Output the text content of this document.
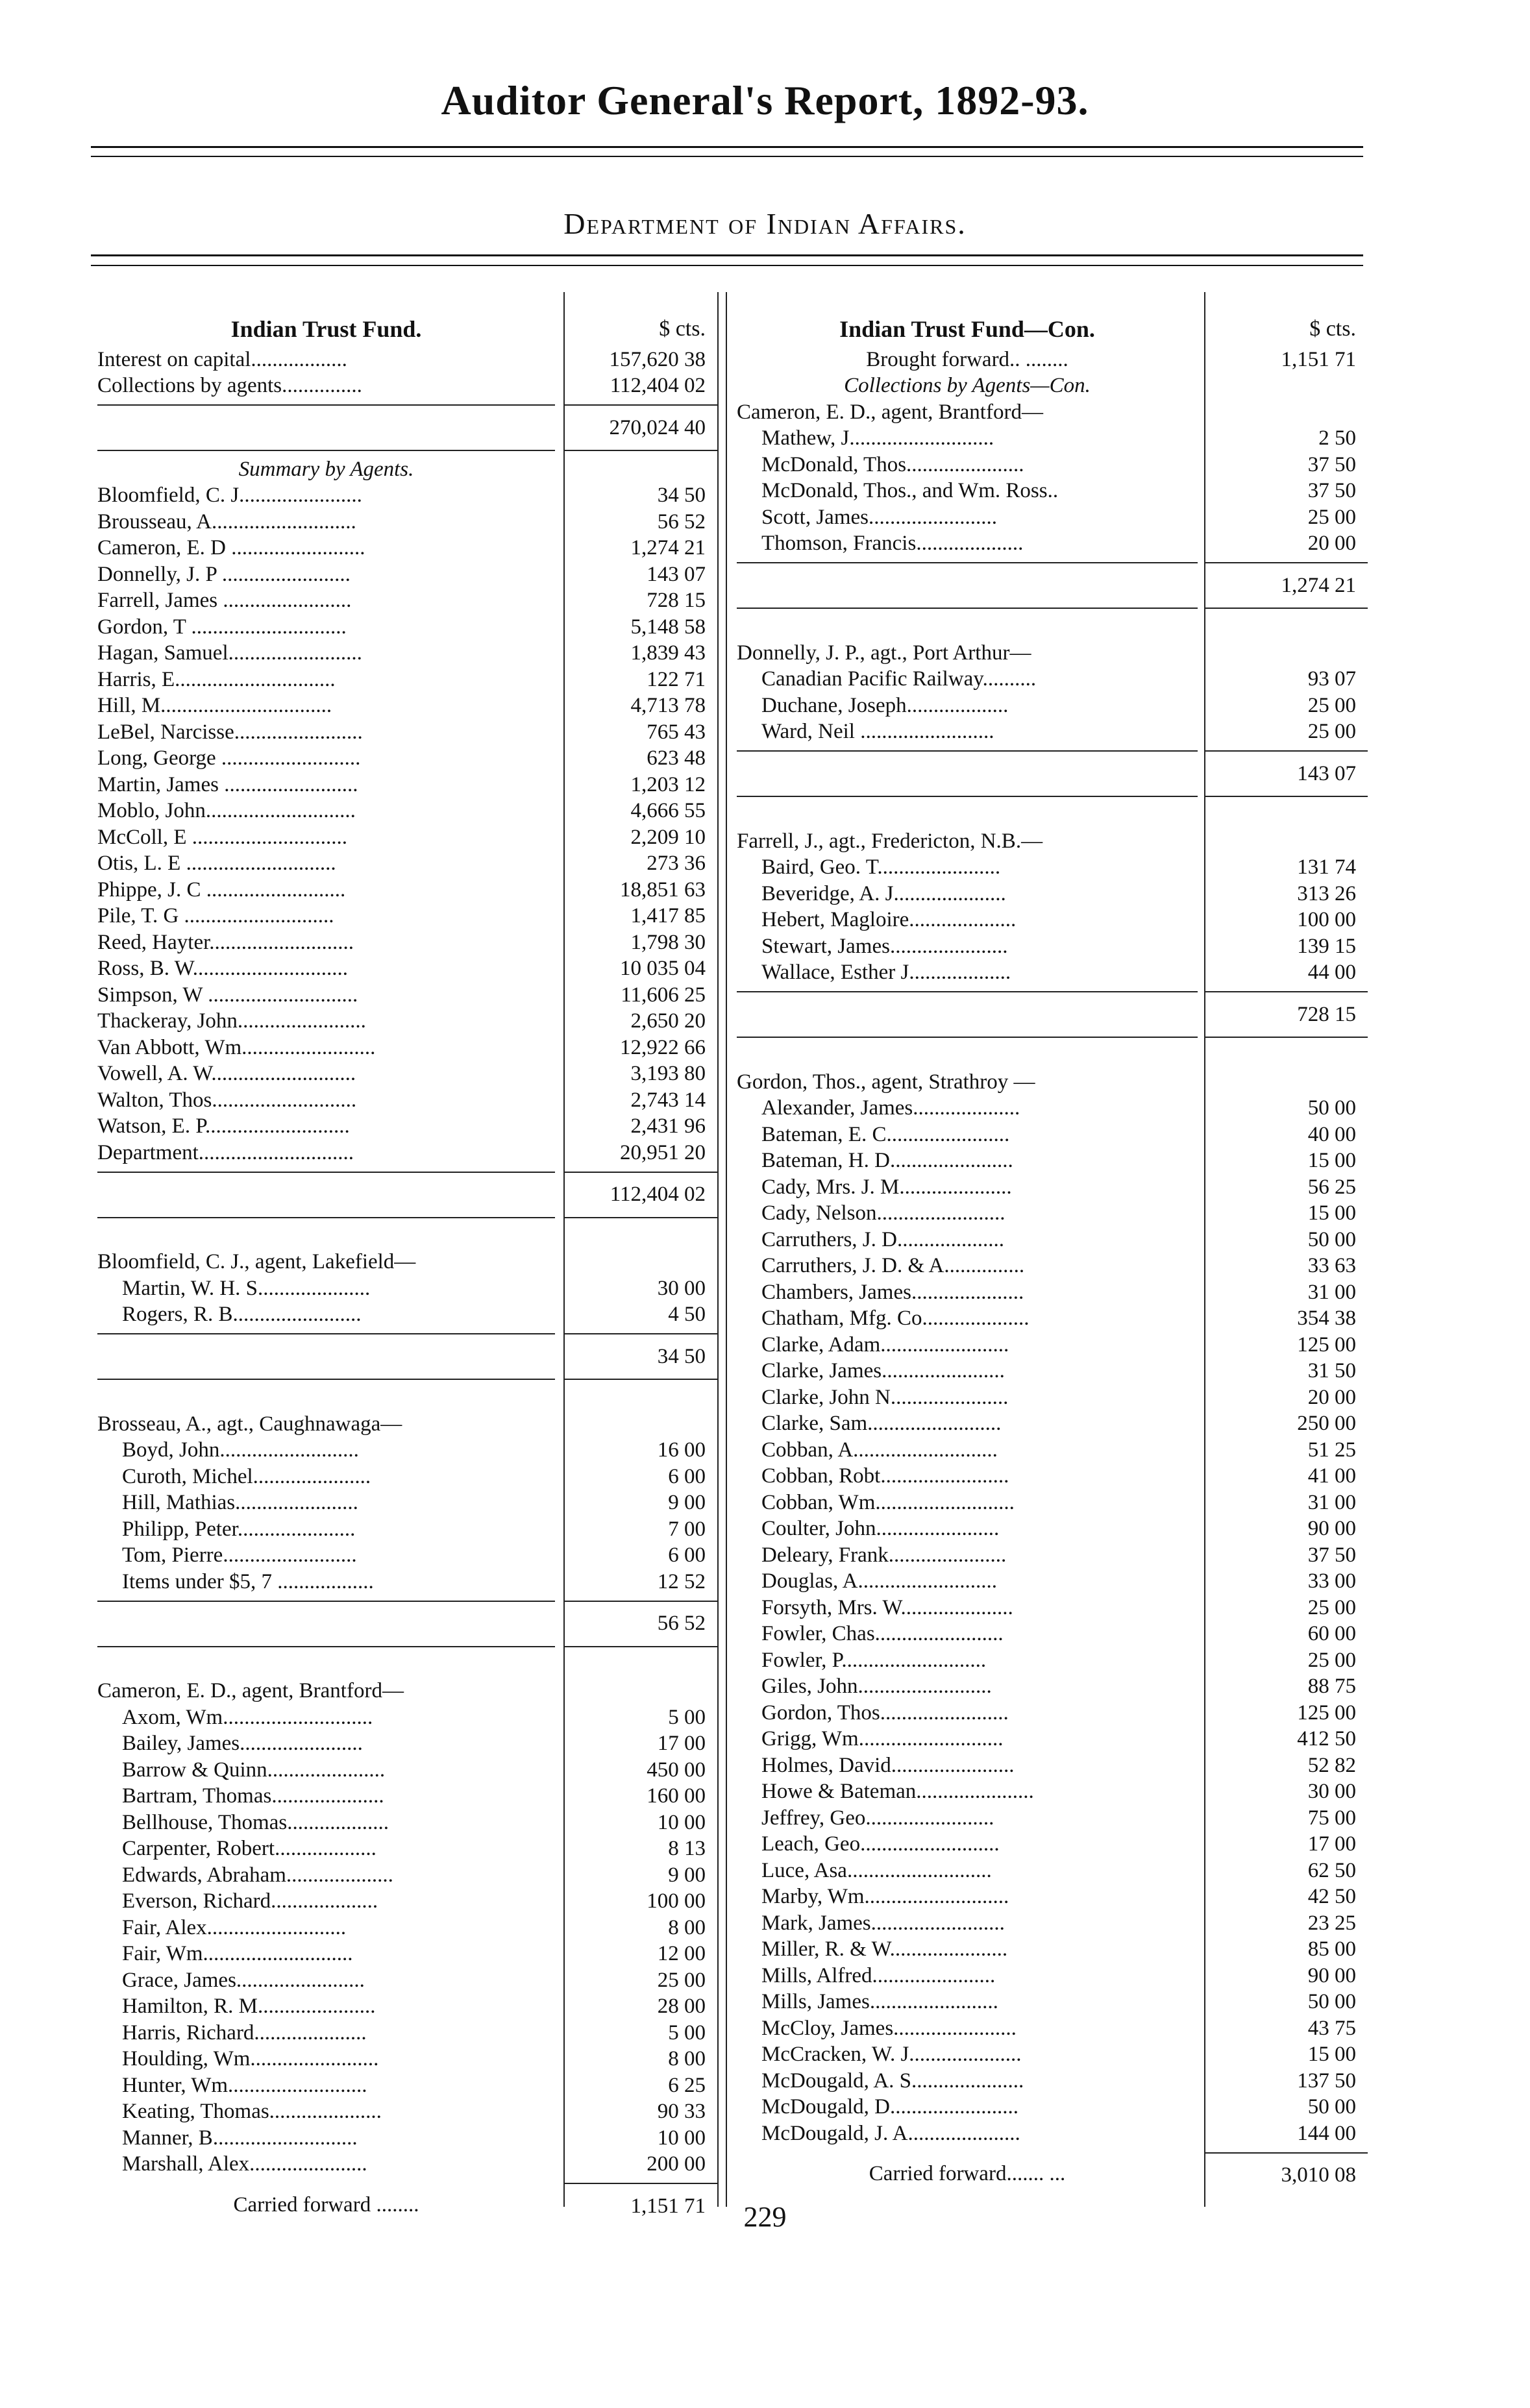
Auditor General's Report, 1892-93.
Department of Indian Affairs.
Indian Trust Fund.
Interest on capital..................
Collections by agents...............
Summary by Agents.
Bloomfield, C. J.......................
Brousseau, A...........................
Cameron, E. D .........................
Donnelly, J. P ........................
Farrell, James ........................
Gordon, T .............................
Hagan, Samuel.........................
Harris, E..............................
Hill, M................................
LeBel, Narcisse........................
Long, George ..........................
Martin, James .........................
Moblo, John............................
McColl, E .............................
Otis, L. E ............................
Phippe, J. C ..........................
Pile, T. G ............................
Reed, Hayter...........................
Ross, B. W.............................
Simpson, W ............................
Thackeray, John........................
Van Abbott, Wm.........................
Vowell, A. W...........................
Walton, Thos...........................
Watson, E. P...........................
Department.............................
Bloomfield, C. J., agent, Lakefield—
Martin, W. H. S.....................
Rogers, R. B........................
Brosseau, A., agt., Caughnawaga—
Boyd, John..........................
Curoth, Michel......................
Hill, Mathias.......................
Philipp, Peter......................
Tom, Pierre.........................
Items under $5, 7 ..................
Cameron, E. D., agent, Brantford—
Axom, Wm............................
Bailey, James.......................
Barrow & Quinn......................
Bartram, Thomas.....................
Bellhouse, Thomas...................
Carpenter, Robert...................
Edwards, Abraham....................
Everson, Richard....................
Fair, Alex..........................
Fair, Wm............................
Grace, James........................
Hamilton, R. M......................
Harris, Richard.....................
Houlding, Wm........................
Hunter, Wm..........................
Keating, Thomas.....................
Manner, B...........................
Marshall, Alex......................
Carried forward ........
$ cts.
157,620 38
112,404 02
270,024 40
34 50
56 52
1,274 21
143 07
728 15
5,148 58
1,839 43
122 71
4,713 78
765 43
623 48
1,203 12
4,666 55
2,209 10
273 36
18,851 63
1,417 85
1,798 30
10 035 04
11,606 25
2,650 20
12,922 66
3,193 80
2,743 14
2,431 96
20,951 20
112,404 02
30 00
4 50
34 50
16 00
6 00
9 00
7 00
6 00
12 52
56 52
5 00
17 00
450 00
160 00
10 00
8 13
9 00
100 00
8 00
12 00
25 00
28 00
5 00
8 00
6 25
90 33
10 00
200 00
1,151 71
Indian Trust Fund—Con.
Brought forward.. ........
Collections by Agents—Con.
Cameron, E. D., agent, Brantford—
Mathew, J...........................
McDonald, Thos......................
McDonald, Thos., and Wm. Ross..
Scott, James........................
Thomson, Francis....................
Donnelly, J. P., agt., Port Arthur—
Canadian Pacific Railway..........
Duchane, Joseph...................
Ward, Neil .........................
Farrell, J., agt., Fredericton, N.B.—
Baird, Geo. T.......................
Beveridge, A. J.....................
Hebert, Magloire....................
Stewart, James......................
Wallace, Esther J...................
Gordon, Thos., agent, Strathroy —
Alexander, James....................
Bateman, E. C.......................
Bateman, H. D.......................
Cady, Mrs. J. M.....................
Cady, Nelson........................
Carruthers, J. D....................
Carruthers, J. D. & A...............
Chambers, James.....................
Chatham, Mfg. Co....................
Clarke, Adam........................
Clarke, James.......................
Clarke, John N......................
Clarke, Sam.........................
Cobban, A...........................
Cobban, Robt........................
Cobban, Wm..........................
Coulter, John.......................
Deleary, Frank......................
Douglas, A..........................
Forsyth, Mrs. W.....................
Fowler, Chas........................
Fowler, P...........................
Giles, John.........................
Gordon, Thos........................
Grigg, Wm...........................
Holmes, David.......................
Howe & Bateman......................
Jeffrey, Geo........................
Leach, Geo..........................
Luce, Asa...........................
Marby, Wm...........................
Mark, James.........................
Miller, R. & W......................
Mills, Alfred.......................
Mills, James........................
McCloy, James.......................
McCracken, W. J.....................
McDougald, A. S.....................
McDougald, D........................
McDougald, J. A.....................
Carried forward....... ...
$ cts.
1,151 71
2 50
37 50
37 50
25 00
20 00
1,274 21
93 07
25 00
25 00
143 07
131 74
313 26
100 00
139 15
44 00
728 15
50 00
40 00
15 00
56 25
15 00
50 00
33 63
31 00
354 38
125 00
31 50
20 00
250 00
51 25
41 00
31 00
90 00
37 50
33 00
25 00
60 00
25 00
88 75
125 00
412 50
52 82
30 00
75 00
17 00
62 50
42 50
23 25
85 00
90 00
50 00
43 75
15 00
137 50
50 00
144 00
3,010 08
229
